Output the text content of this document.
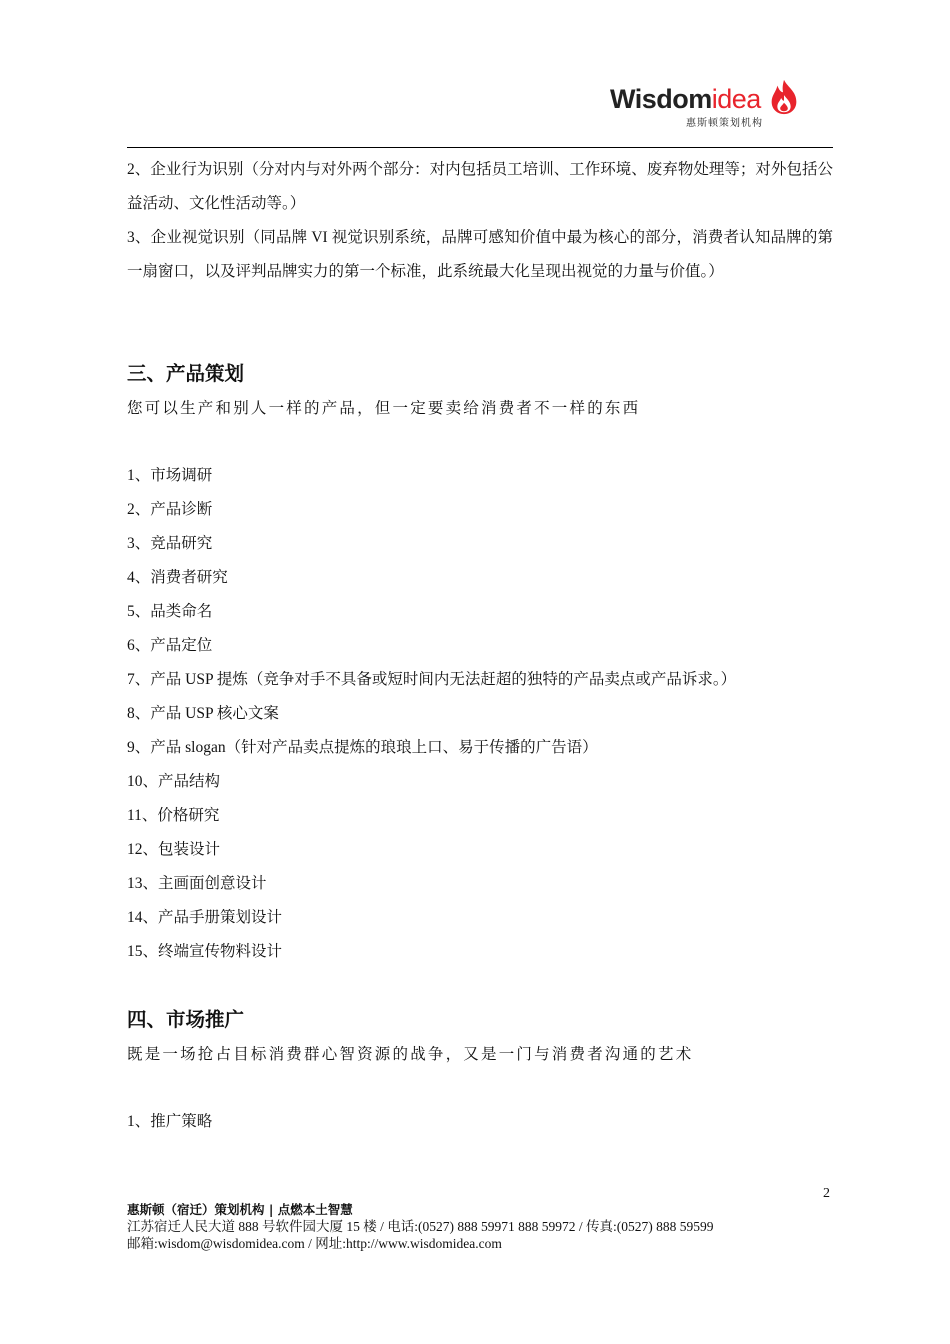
Wisdomidea
惠斯顿策划机构

2、企业行为识别（分对内与对外两个部分：对内包括员工培训、工作环境、废弃物处理等；对外包括公益活动、文化性活动等。）

3、企业视觉识别（同品牌 VI 视觉识别系统，品牌可感知价值中最为核心的部分，消费者认知品牌的第一扇窗口，以及评判品牌实力的第一个标准，此系统最大化呈现出视觉的力量与价值。）

三、产品策划

您可以生产和别人一样的产品，但一定要卖给消费者不一样的东西

1、市场调研

2、产品诊断

3、竞品研究

4、消费者研究

5、品类命名

6、产品定位

7、产品 USP 提炼（竞争对手不具备或短时间内无法赶超的独特的产品卖点或产品诉求。）

8、产品 USP 核心文案

9、产品 slogan（针对产品卖点提炼的琅琅上口、易于传播的广告语）

10、产品结构

11、价格研究

12、包装设计

13、主画面创意设计

14、产品手册策划设计

15、终端宣传物料设计

四、市场推广

既是一场抢占目标消费群心智资源的战争，又是一门与消费者沟通的艺术

1、推广策略

2
惠斯顿（宿迁）策划机构 | 点燃本土智慧
江苏宿迁人民大道 888 号软件园大厦 15 楼 / 电话:(0527) 888 59971 888 59972 / 传真:(0527) 888 59599
邮箱:wisdom@wisdomidea.com / 网址:http://www.wisdomidea.com
